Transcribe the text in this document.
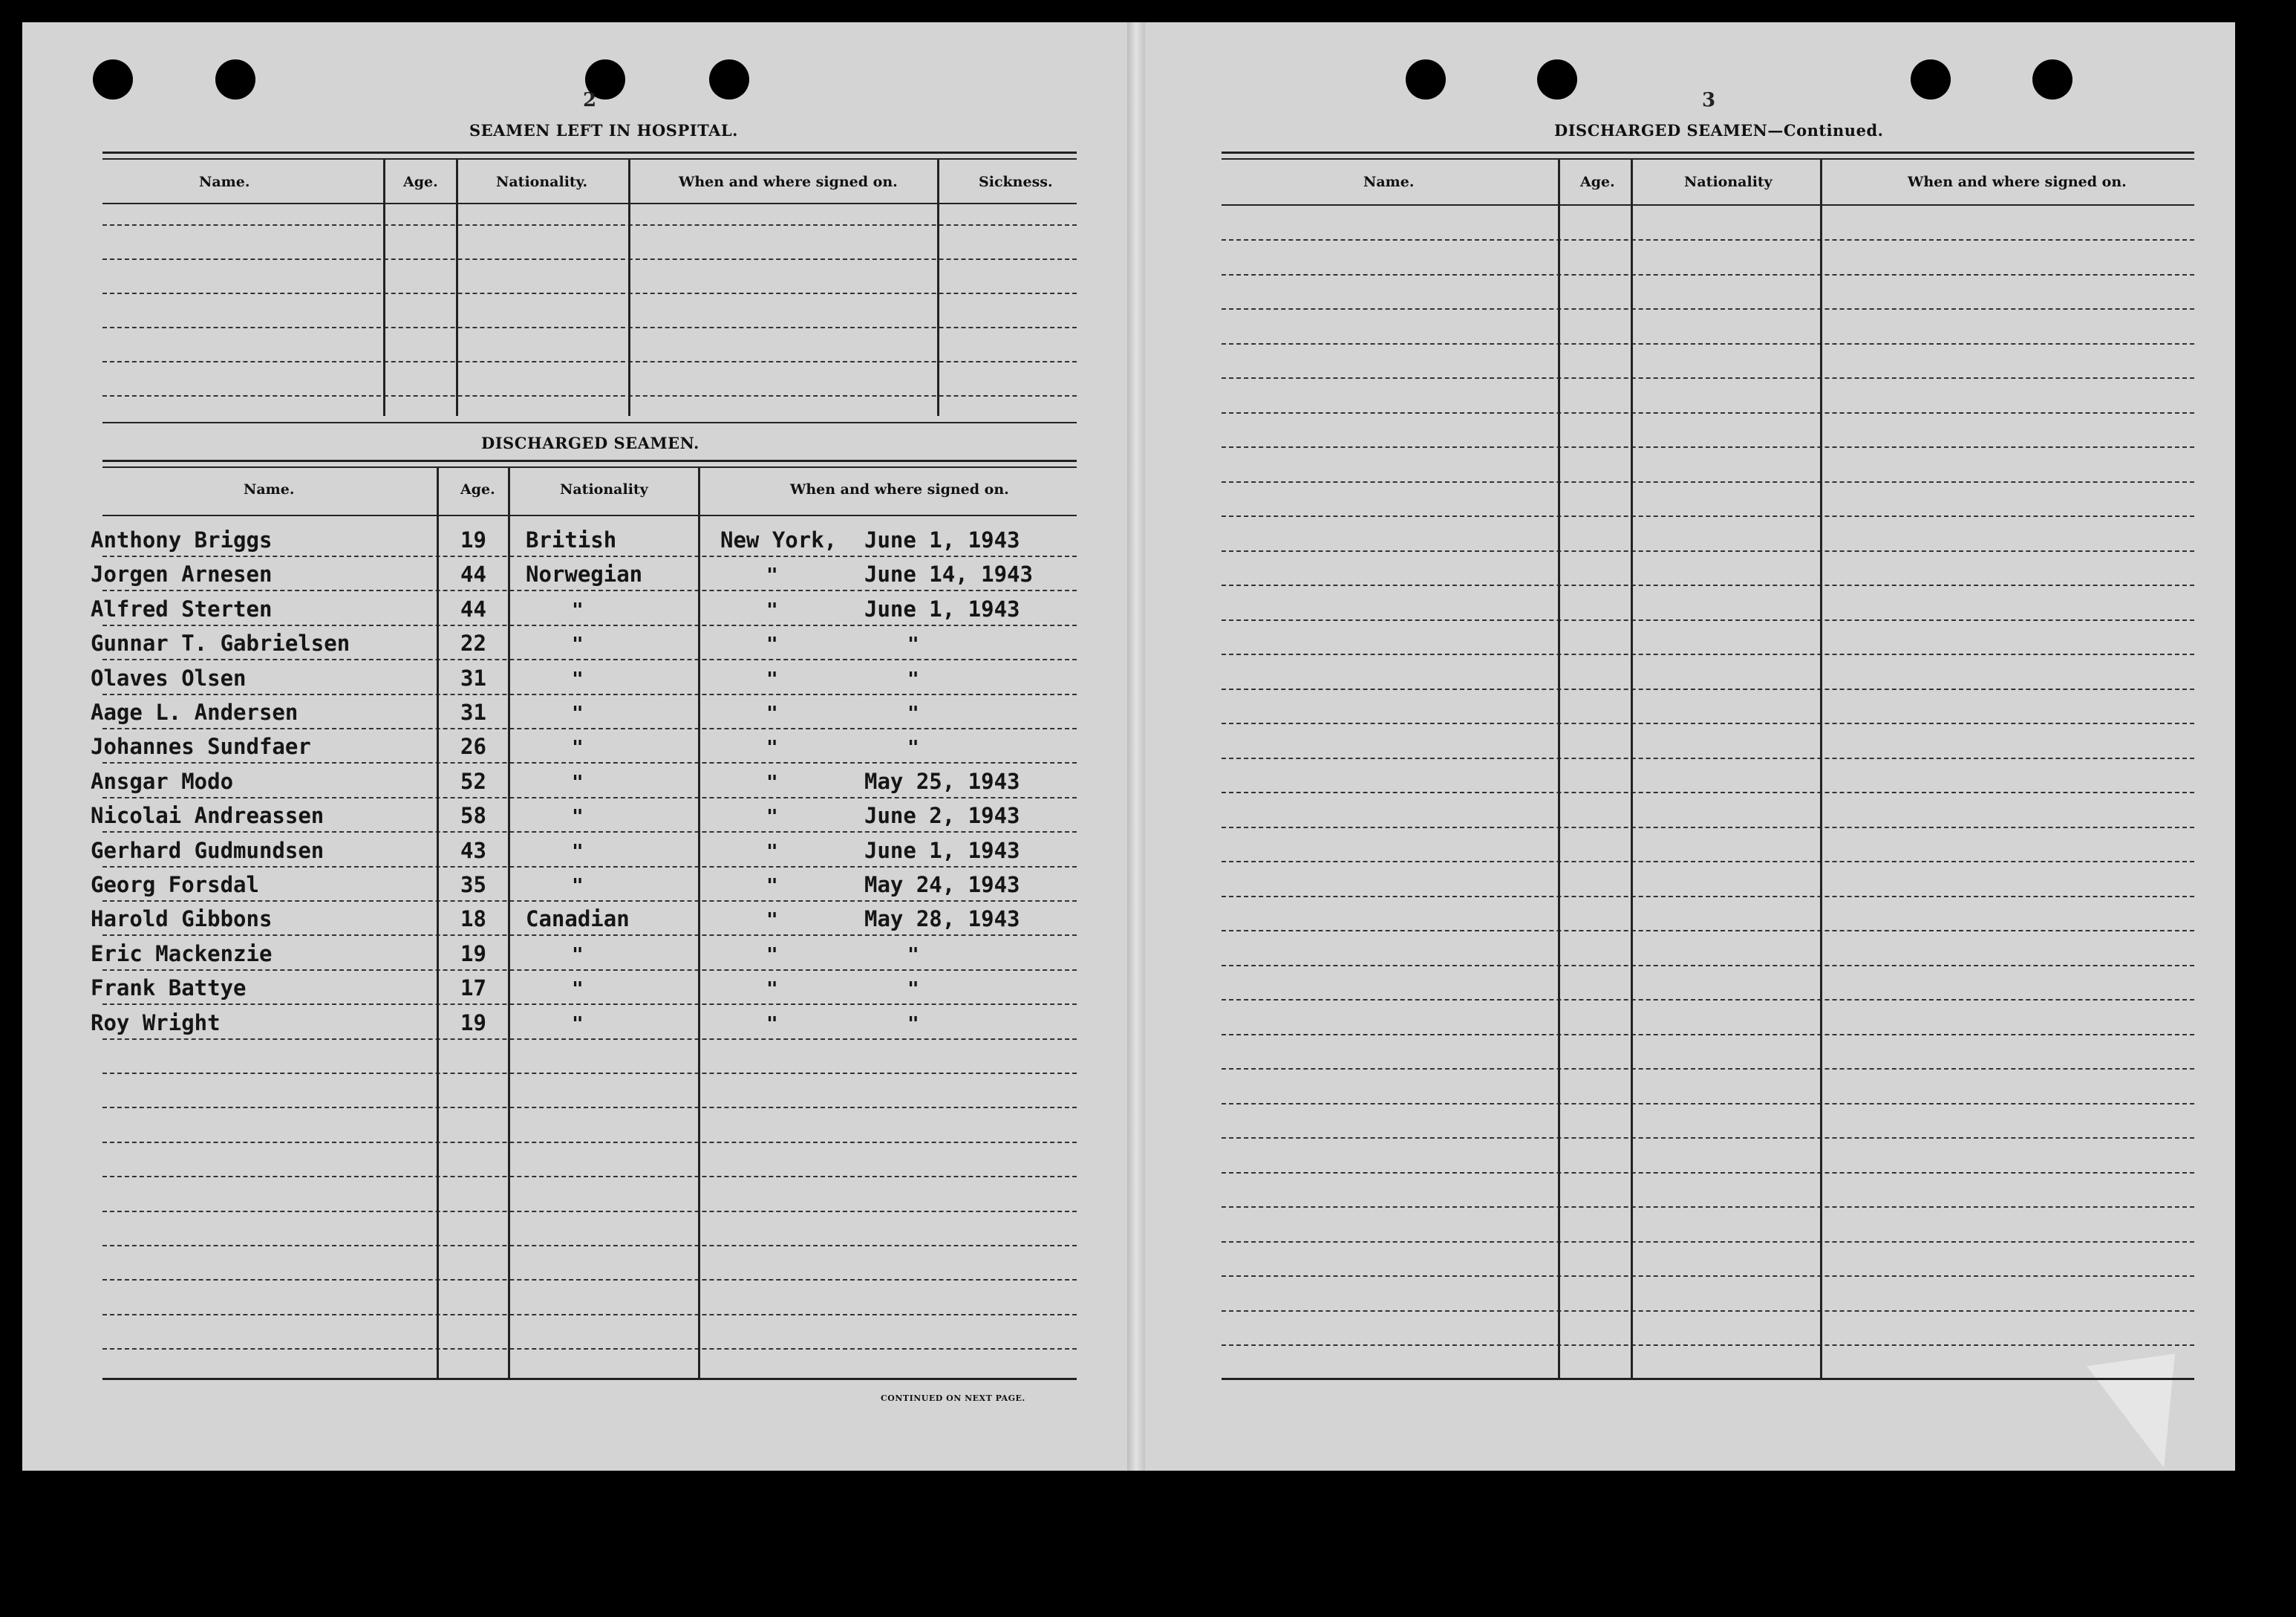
2
SEAMEN LEFT IN HOSPITAL.
Name.	Age.	Nationality.	When and where signed on.	Sickness.
DISCHARGED SEAMEN.
Name.	Age.	Nationality	When and where signed on.
Anthony Briggs	19 British	New York, June 1, 1943
Jorgen Arnesen	44 Norwegian	"	June 14, 1943
Alfred Sterten	44	"	"	June 1, 1943
Gunnar T. Gabrielsen	22	"	"	"
Olaves Olsen	31	"	"	"
Aage L. Andersen	31	"	"	"
Johannes Sundfaer	26	"	"	"
Ansgar Modo	52	"	"	May 25, 1943
Nicolai Andreassen	58	"	"	June 2, 1943
Gerhard Gudmundsen	43	"	"	June 1, 1943
Georg Forsdal	35	"	"	May 24, 1943
Harold Gibbons	18 Canadian	"	May 28, 1943
Eric Mackenzie	19	"	"	"
Frank Battye	17	"	"	"
Roy Wright	19	"	"	"
CONTINUED ON NEXT PAGE.
3
DISCHARGED SEAMEN—Continued.
Name.	Age.	Nationality	When and where signed on.
